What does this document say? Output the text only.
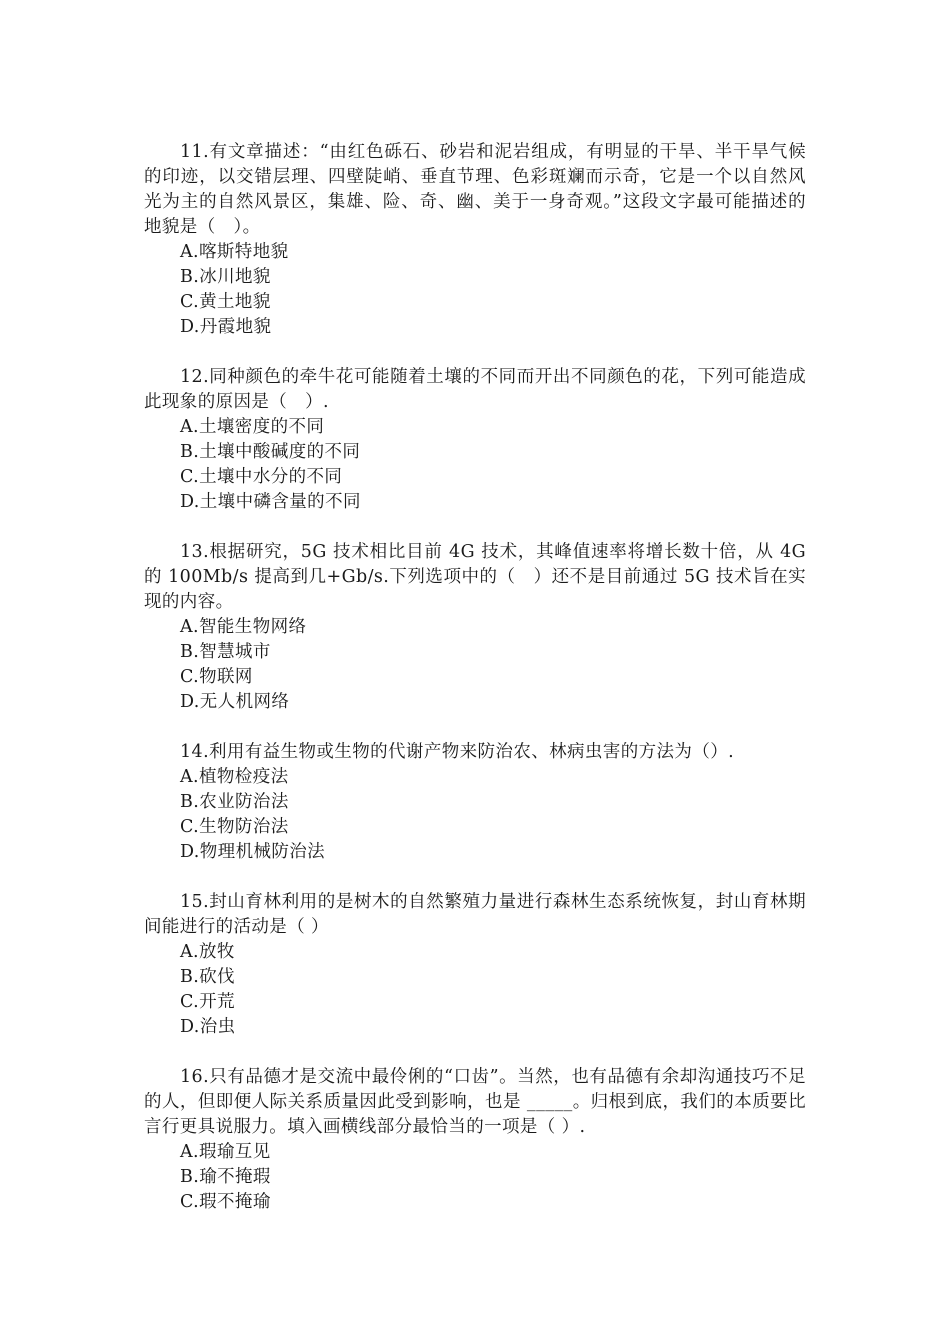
11.有文章描述：“由红色砾石、砂岩和泥岩组成，有明显的干旱、半干旱气候的印迹，以交错层理、四壁陡峭、垂直节理、色彩斑斓而示奇，它是一个以自然风光为主的自然风景区，集雄、险、奇、幽、美于一身奇观。”这段文字最可能描述的地貌是（　）。

A.喀斯特地貌

B.冰川地貌

C.黄土地貌

D.丹霞地貌

12.同种颜色的牵牛花可能随着土壤的不同而开出不同颜色的花，下列可能造成此现象的原因是（　）.

A.土壤密度的不同

B.土壤中酸碱度的不同

C.土壤中水分的不同

D.土壤中磷含量的不同

13.根据研究，5G 技术相比目前 4G 技术，其峰值速率将增长数十倍，从 4G 的 100Mb/s 提高到几+Gb/s.下列选项中的（　）还不是目前通过 5G 技术旨在实现的内容。

A.智能生物网络

B.智慧城市

C.物联网

D.无人机网络

14.利用有益生物或生物的代谢产物来防治农、林病虫害的方法为（）.

A.植物检疫法

B.农业防治法

C.生物防治法

D.物理机械防治法

15.封山育林利用的是树木的自然繁殖力量进行森林生态系统恢复，封山育林期间能进行的活动是（ ）

A.放牧

B.砍伐

C.开荒

D.治虫

16.只有品德才是交流中最伶俐的“口齿”。当然，也有品德有余却沟通技巧不足的人，但即便人际关系质量因此受到影响，也是 _____。归根到底，我们的本质要比言行更具说服力。填入画横线部分最恰当的一项是（ ）.

A.瑕瑜互见

B.瑜不掩瑕

C.瑕不掩瑜
